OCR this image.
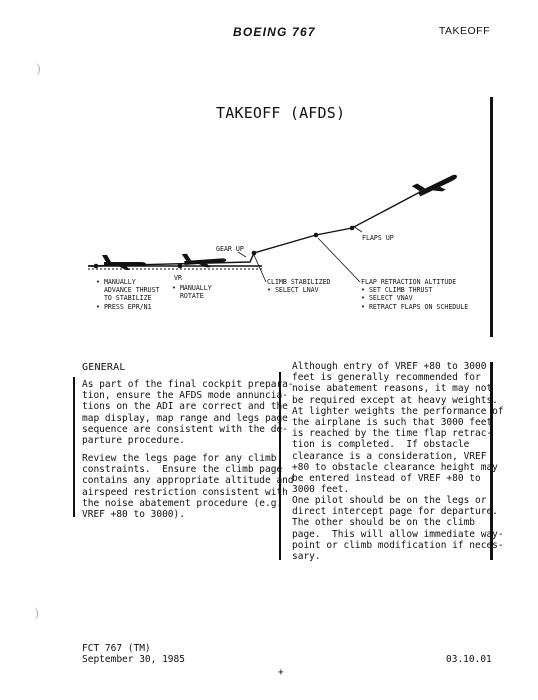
)
)
BOEING 767	TAKEOFF
TAKEOFF (AFDS)
GEAR UP
FLAPS UP
VR
• MANUALLY
ADVANCE THRUST
TO STABILIZE
• PRESS EPR/N1
• MANUALLY
ROTATE
CLIMB STABILIZED
• SELECT LNAV
FLAP RETRACTION ALTITUDE
• SET CLIMB THRUST
• SELECT VNAV
• RETRACT FLAPS ON SCHEDULE
GENERAL
As part of the final cockpit prepara-
tion, ensure the AFDS mode annuncia-
tions on the ADI are correct and the
map display, map range and legs page
sequence are consistent with the de-
parture procedure.
Review the legs page for any climb
constraints.  Ensure the climb page
contains any appropriate altitude and
airspeed restriction consistent with
the noise abatement procedure (e.g.
VREF +80 to 3000).
Although entry of VREF +80 to 3000
feet is generally recommended for
noise abatement reasons, it may not
be required except at heavy weights.
At lighter weights the performance of
the airplane is such that 3000 feet
is reached by the time flap retrac-
tion is completed.  If obstacle
clearance is a consideration, VREF
+80 to obstacle clearance height may
be entered instead of VREF +80 to
3000 feet.
One pilot should be on the legs or
direct intercept page for departure.
The other should be on the climb
page.  This will allow immediate way-
point or climb modification if neces-
sary.
FCT 767 (TM)
September 30, 1985	03.10.01
+
